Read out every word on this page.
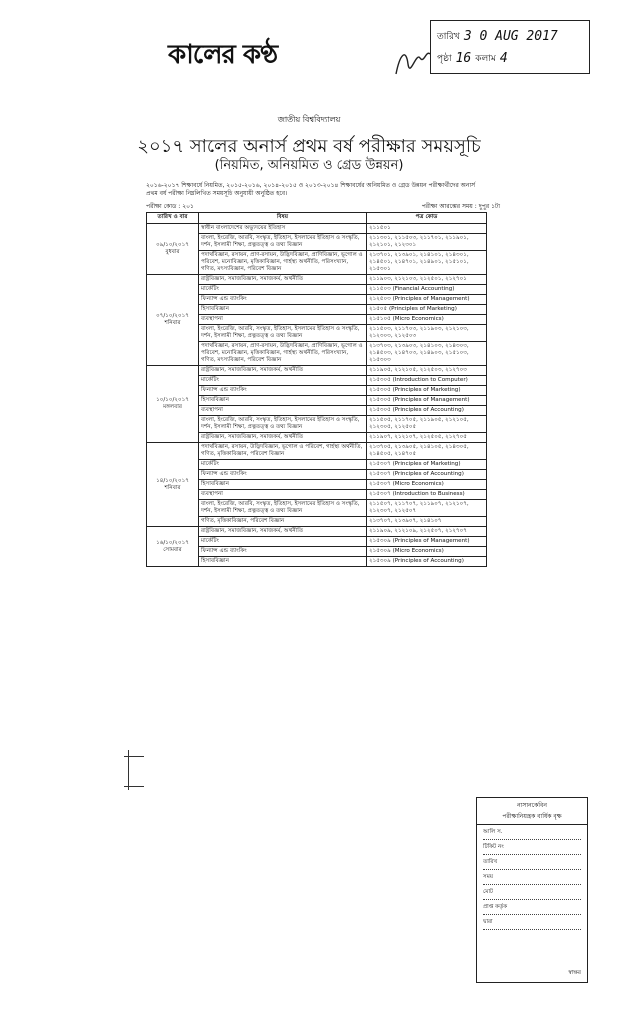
কালের কণ্ঠ
তারিখ 3 0 AUG 2017
পৃষ্ঠা 16 কলাম 4
জাতীয় বিশ্ববিদ্যালয়
২০১৭ সালের অনার্স প্রথম বর্ষ পরীক্ষার সময়সূচি
(নিয়মিত, অনিয়মিত ও গ্রেড উন্নয়ন)
২০১৬-২০১৭ শিক্ষাবর্ষে নিয়মিত, ২০১৫-২০১৬, ২০১৪-২০১৫ ও ২০১৩-২০১৪ শিক্ষাবর্ষের অনিয়মিত ও গ্রেড উন্নয়ন পরীক্ষার্থীদের অনার্স প্রথম বর্ষ পরীক্ষা নিম্নলিখিত সময়সূচি অনুযায়ী অনুষ্ঠিত হবে।
পরীক্ষা কোড : ২০১	পরীক্ষা আরম্ভের সময় : দুপুর ১টা
তারিখ ও বার	বিষয়	পত্র কোড
০৯/১০/২০১৭ বুধবার	স্বাধীন বাংলাদেশের অভ্যুদয়ের ইতিহাস	২১১৫০১
	বাংলা, ইংরেজি, আরবি, সংস্কৃত, ইতিহাস, ইসলামের ইতিহাস ও সংস্কৃতি, দর্শন, ইসলামী শিক্ষা, প্রত্নতত্ত্ব ও তথ্য বিজ্ঞান	২১১৩০১, ২১১৫০৩, ২১১৭০১, ২১১৯০১, ২১২১০১, ২১২৩০১
	পদার্থবিজ্ঞান, রসায়ন, প্রাণ-রসায়ন, উদ্ভিদবিজ্ঞান, প্রাণিবিজ্ঞান, ভূগোল ও পরিবেশ, মনোবিজ্ঞান, মৃত্তিকাবিজ্ঞান, গার্হস্থ্য অর্থনীতি, পরিসংখ্যান, গণিত, মৎস্যবিজ্ঞান, পরিবেশ বিজ্ঞান	২১৩৭০১, ২১৩৯০১, ২১৪১০১, ২১৪৩০১, ২১৪৫০১, ২১৪৭০১, ২১৪৯০১, ২১৫১০১, ২১৫৩০১
০৭/১০/২০১৭ শনিবার	রাষ্ট্রবিজ্ঞান, সমাজবিজ্ঞান, সমাজকর্ম, অর্থনীতি	২১১৯০৩, ২১২১০৩, ২১২৫০১, ২১২৭০১
	মার্কেটিং	২১১৫০৩ (Financial Accounting)
	ফিন্যান্স এন্ড ব্যাংকিং	২১২৫০৩ (Principles of Management)
	হিসাববিজ্ঞান	২১৫০৫ (Principles of Marketing)
	ব্যবস্থাপনা	২১৫১০৫ (Micro Economics)
	বাংলা, ইংরেজি, আরবি, সংস্কৃত, ইতিহাস, ইসলামের ইতিহাস ও সংস্কৃতি, দর্শন, ইসলামী শিক্ষা, প্রত্নতত্ত্ব ও তথ্য বিজ্ঞান	২১১৫০৩, ২১১৭০৩, ২১১৯০৩, ২১২১০৩, ২১২৩০৩, ২১২৫০৩
	পদার্থবিজ্ঞান, রসায়ন, প্রাণ-রসায়ন, উদ্ভিদবিজ্ঞান, প্রাণিবিজ্ঞান, ভূগোল ও পরিবেশ, মনোবিজ্ঞান, মৃত্তিকাবিজ্ঞান, গার্হস্থ্য অর্থনীতি, পরিসংখ্যান, গণিত, মৎস্যবিজ্ঞান, পরিবেশ বিজ্ঞান	২১৩৭০৩, ২১৩৯০৩, ২১৪১০৩, ২১৪৩০৩, ২১৪৫০৩, ২১৪৭০৩, ২১৪৯০৩, ২১৫১০৩, ২১৫৩০৩
১০/১০/২০১৭ মঙ্গলবার	রাষ্ট্রবিজ্ঞান, সমাজবিজ্ঞান, সমাজকর্ম, অর্থনীতি	২১১৯০৫, ২১২১০৫, ২১২৫০৩, ২১২৭০৩
	মার্কেটিং	২১৫৩০৫ (Introduction to Computer)
	ফিন্যান্স এন্ড ব্যাংকিং	২১৫৩০৫ (Principles of Marketing)
	হিসাববিজ্ঞান	২১৫৩০৫ (Principles of Management)
	ব্যবস্থাপনা	২১৫৩০৫ (Principles of Accounting)
	বাংলা, ইংরেজি, আরবি, সংস্কৃত, ইতিহাস, ইসলামের ইতিহাস ও সংস্কৃতি, দর্শন, ইসলামী শিক্ষা, প্রত্নতত্ত্ব ও তথ্য বিজ্ঞান	২১১৫০৫, ২১১৭০৫, ২১১৯০৫, ২১২১০৫, ২১২৩০৫, ২১২৫০৫
	রাষ্ট্রবিজ্ঞান, সমাজবিজ্ঞান, সমাজকর্ম, অর্থনীতি	২১১৯০৭, ২১২১০৭, ২১২৫০৫, ২১২৭০৫
১৪/১০/২০১৭ শনিবার	পদার্থবিজ্ঞান, রসায়ন, উদ্ভিদবিজ্ঞান, ভূগোল ও পরিবেশ, গার্হস্থ্য অর্থনীতি, গণিত, মৃত্তিকাবিজ্ঞান, পরিবেশ বিজ্ঞান	২১৩৭০৫, ২১৩৯০৫, ২১৪১০৫, ২১৪৩০৫, ২১৪৫০৫, ২১৪৭০৫
	মার্কেটিং	২১৫৩০৭ (Principles of Marketing)
	ফিন্যান্স এন্ড ব্যাংকিং	২১৫৩০৭ (Principles of Accounting)
	হিসাববিজ্ঞান	২১৫৩০৭ (Micro Economics)
	ব্যবস্থাপনা	২১৫৩০৭ (Introduction to Business)
	বাংলা, ইংরেজি, আরবি, সংস্কৃত, ইতিহাস, ইসলামের ইতিহাস ও সংস্কৃতি, দর্শন, ইসলামী শিক্ষা, প্রত্নতত্ত্ব ও তথ্য বিজ্ঞান	২১১৫০৭, ২১১৭০৭, ২১১৯০৭, ২১২১০৭, ২১২৩০৭, ২১২৫০৭
	গণিত, মৃত্তিকাবিজ্ঞান, পরিবেশ বিজ্ঞান	২১৩৭০৭, ২১৩৯০৭, ২১৪১০৭
১৬/১০/২০১৭ সোমবার	রাষ্ট্রবিজ্ঞান, সমাজবিজ্ঞান, সমাজকর্ম, অর্থনীতি	২১১৯০৯, ২১২১০৯, ২১২৫০৭, ২১২৭০৭
	মার্কেটিং	২১৫৩০৯ (Principles of Management)
	ফিন্যান্স এন্ড ব্যাংকিং	২১৫৩০৯ (Micro Economics)
	হিসাববিজ্ঞান	২১৫৩০৯ (Principles of Accounting)
নাসানকেবিন
পরীক্ষানিয়ন্ত্রক বার্ষিক বৃক্ষ
আলি স.
টিকিট নং
তারিখ
সময়
মোট
প্রাপ্ত কর্তৃক
দ্বারা
স্বাক্ষর
